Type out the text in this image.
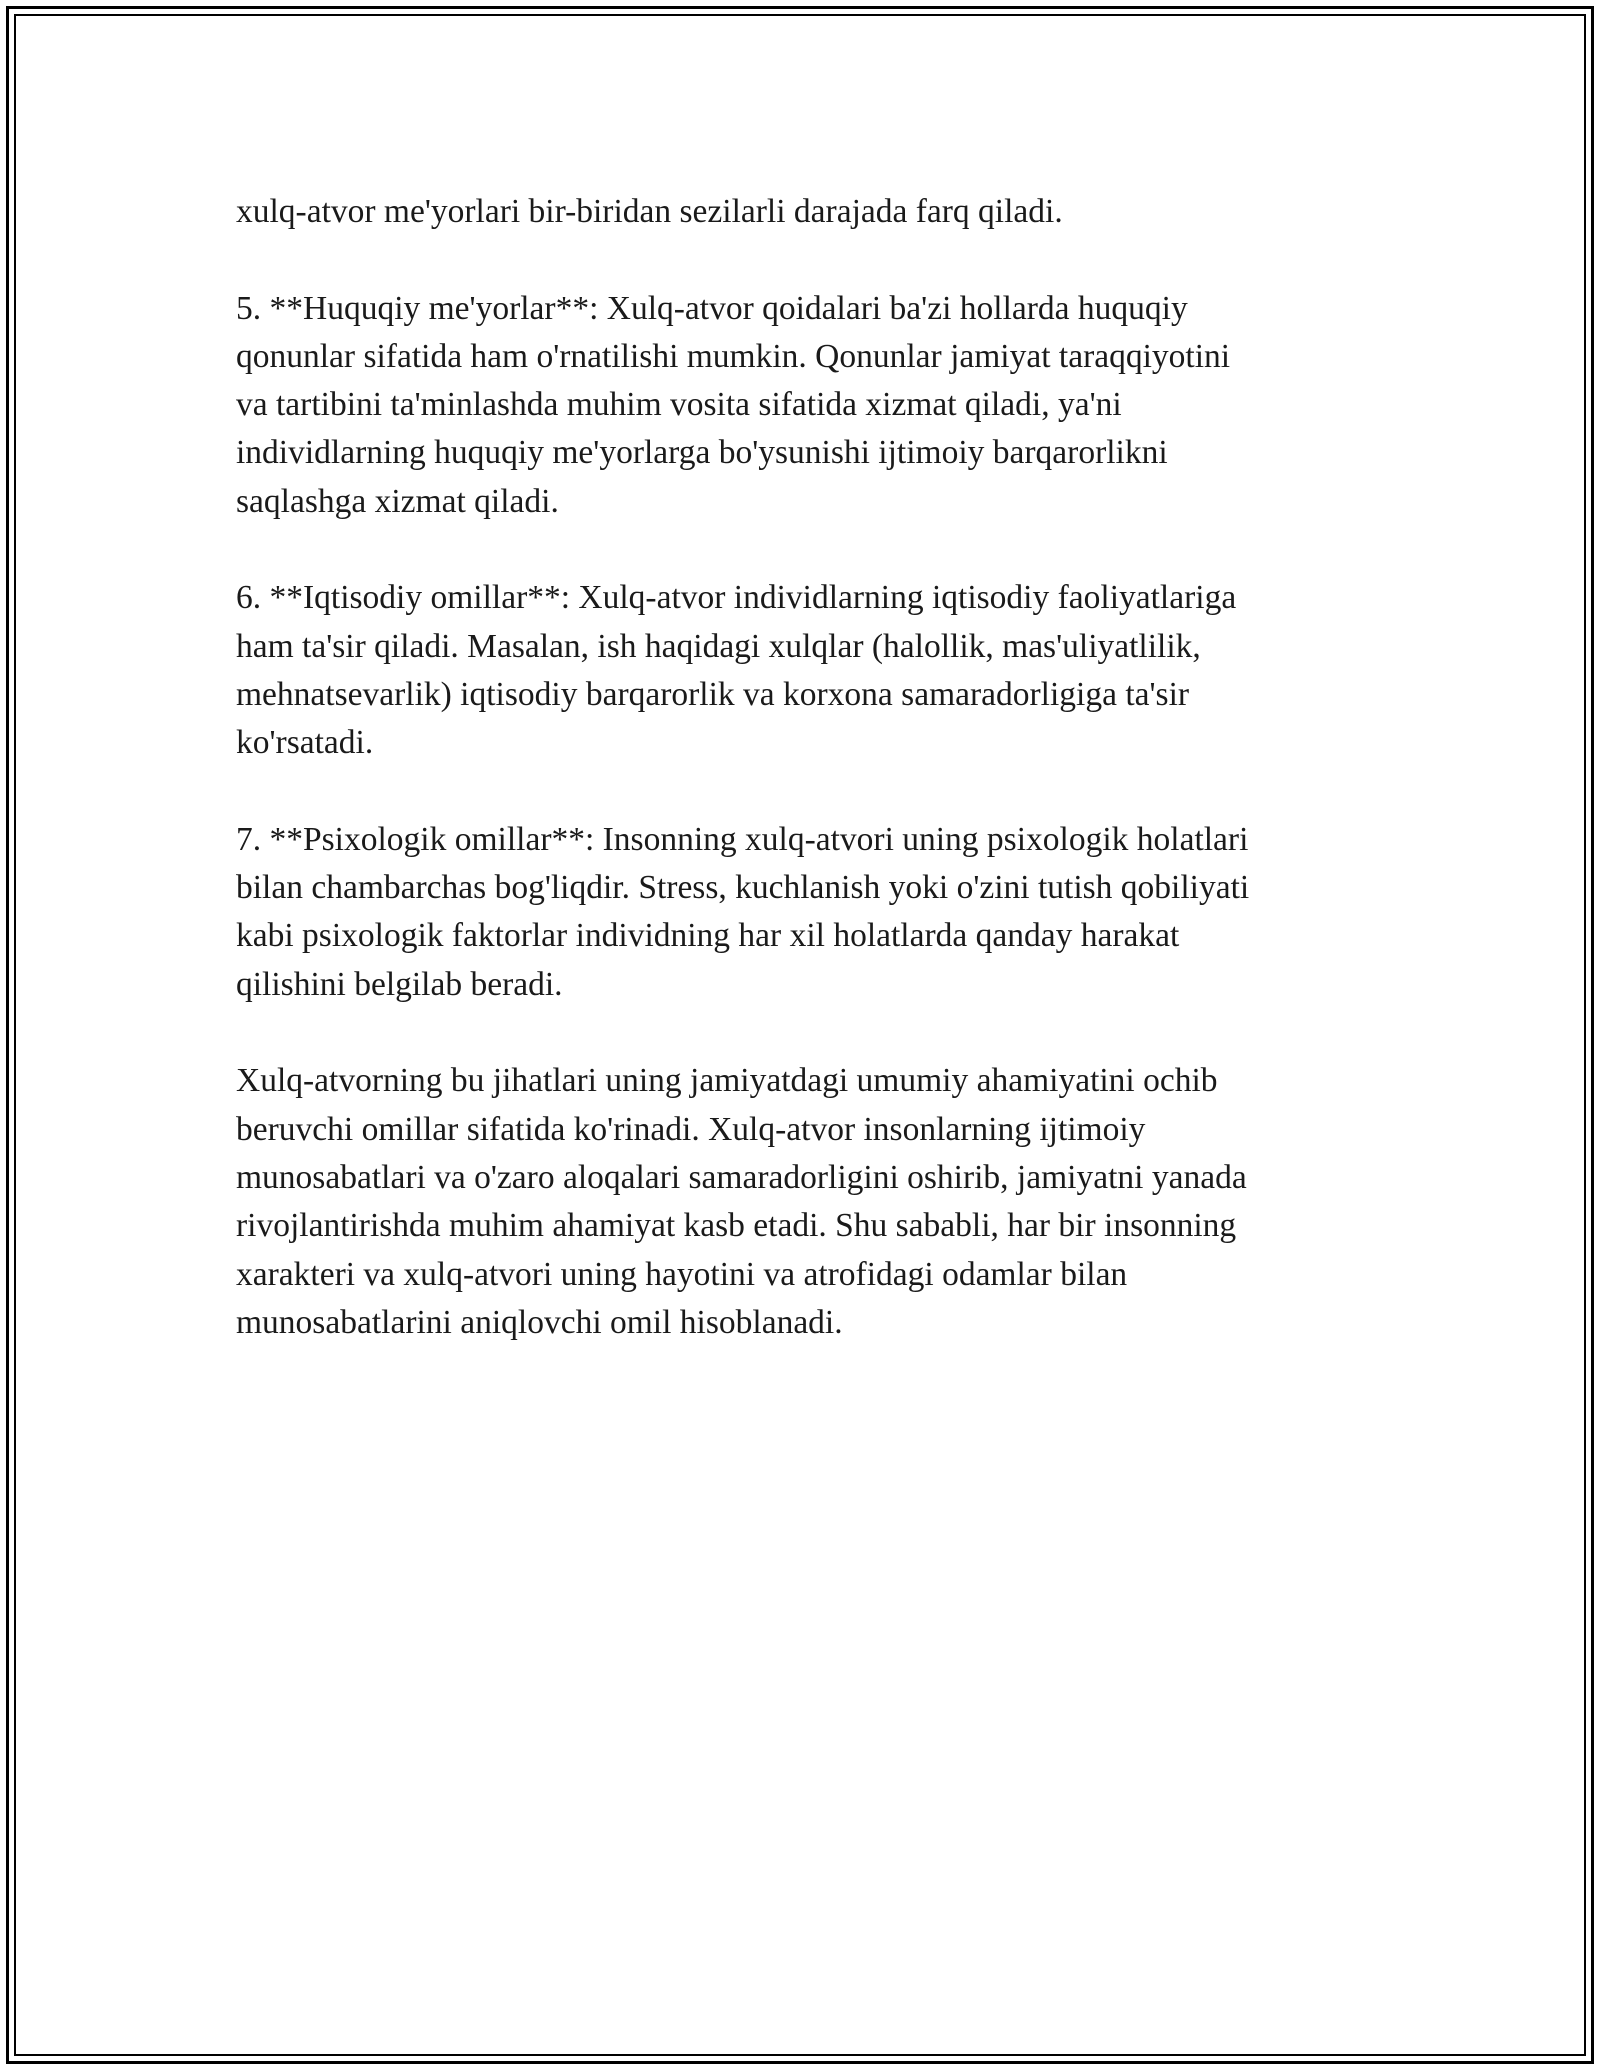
xulq-atvor me'yorlari bir-biridan sezilarli darajada farq qiladi.

5. **Huquqiy me'yorlar**: Xulq-atvor qoidalari ba'zi hollarda huquqiy
qonunlar sifatida ham o'rnatilishi mumkin. Qonunlar jamiyat taraqqiyotini
va tartibini ta'minlashda muhim vosita sifatida xizmat qiladi, ya'ni
individlarning huquqiy me'yorlarga bo'ysunishi ijtimoiy barqarorlikni
saqlashga xizmat qiladi.

6. **Iqtisodiy omillar**: Xulq-atvor individlarning iqtisodiy faoliyatlariga
ham ta'sir qiladi. Masalan, ish haqidagi xulqlar (halollik, mas'uliyatlilik,
mehnatsevarlik) iqtisodiy barqarorlik va korxona samaradorligiga ta'sir
ko'rsatadi.

7. **Psixologik omillar**: Insonning xulq-atvori uning psixologik holatlari
bilan chambarchas bog'liqdir. Stress, kuchlanish yoki o'zini tutish qobiliyati
kabi psixologik faktorlar individning har xil holatlarda qanday harakat
qilishini belgilab beradi.

Xulq-atvorning bu jihatlari uning jamiyatdagi umumiy ahamiyatini ochib
beruvchi omillar sifatida ko'rinadi. Xulq-atvor insonlarning ijtimoiy
munosabatlari va o'zaro aloqalari samaradorligini oshirib, jamiyatni yanada
rivojlantirishda muhim ahamiyat kasb etadi. Shu sababli, har bir insonning
xarakteri va xulq-atvori uning hayotini va atrofidagi odamlar bilan
munosabatlarini aniqlovchi omil hisoblanadi.
